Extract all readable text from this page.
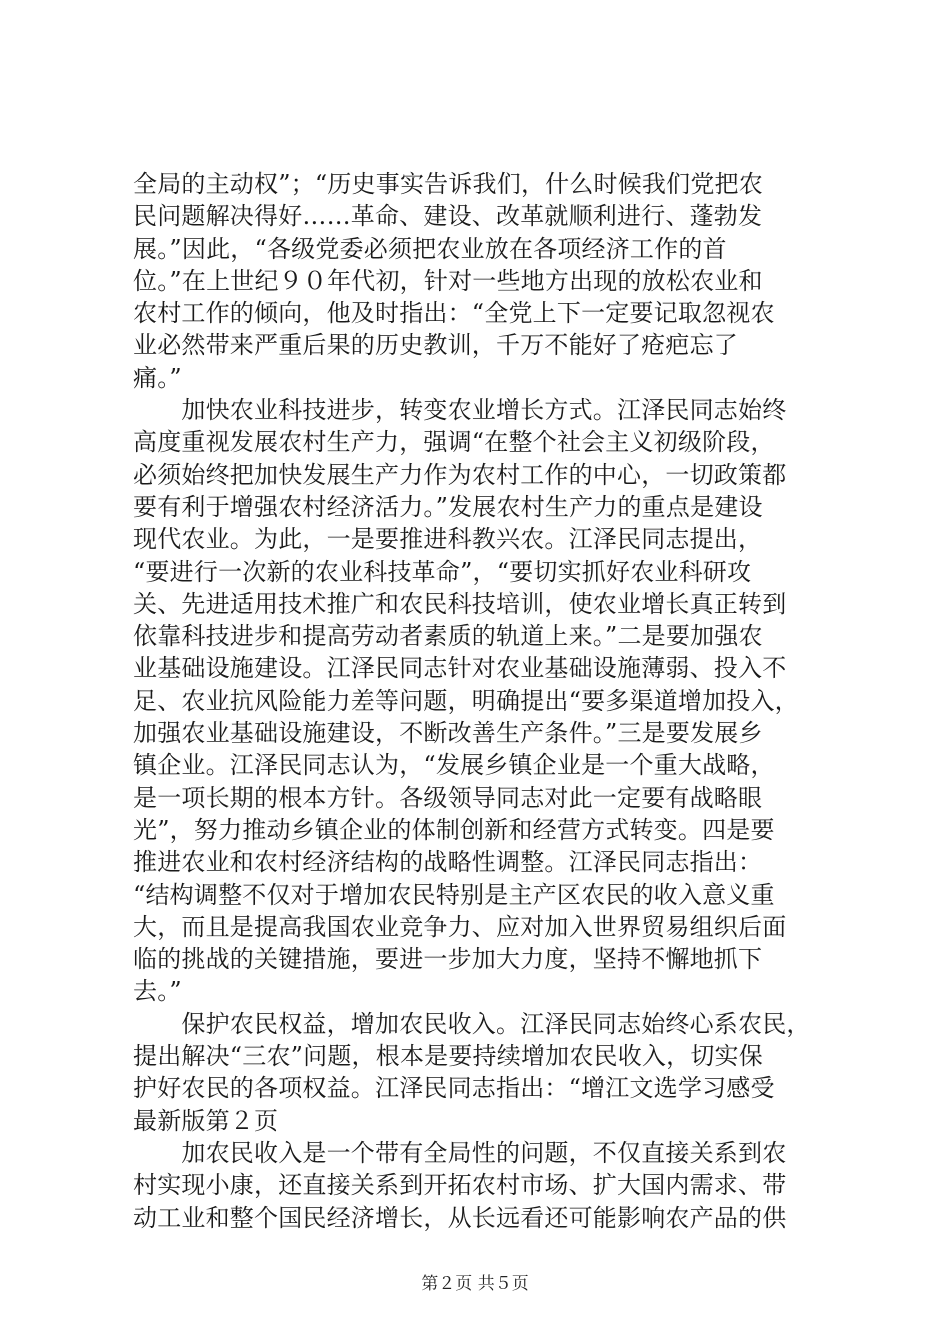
全局的主动权”；“历史事实告诉我们，什么时候我们党把农
民问题解决得好……革命、建设、改革就顺利进行、蓬勃发
展。”因此，“各级党委必须把农业放在各项经济工作的首
位。”在上世纪９０年代初，针对一些地方出现的放松农业和
农村工作的倾向，他及时指出：“全党上下一定要记取忽视农
业必然带来严重后果的历史教训，千万不能好了疮疤忘了
痛。”
　　加快农业科技进步，转变农业增长方式。江泽民同志始终
高度重视发展农村生产力，强调“在整个社会主义初级阶段，
必须始终把加快发展生产力作为农村工作的中心，一切政策都
要有利于增强农村经济活力。”发展农村生产力的重点是建设
现代农业。为此，一是要推进科教兴农。江泽民同志提出，
“要进行一次新的农业科技革命”，“要切实抓好农业科研攻
关、先进适用技术推广和农民科技培训，使农业增长真正转到
依靠科技进步和提高劳动者素质的轨道上来。”二是要加强农
业基础设施建设。江泽民同志针对农业基础设施薄弱、投入不
足、农业抗风险能力差等问题，明确提出“要多渠道增加投入，
加强农业基础设施建设，不断改善生产条件。”三是要发展乡
镇企业。江泽民同志认为，“发展乡镇企业是一个重大战略，
是一项长期的根本方针。各级领导同志对此一定要有战略眼
光”，努力推动乡镇企业的体制创新和经营方式转变。四是要
推进农业和农村经济结构的战略性调整。江泽民同志指出：
“结构调整不仅对于增加农民特别是主产区农民的收入意义重
大，而且是提高我国农业竞争力、应对加入世界贸易组织后面
临的挑战的关键措施，要进一步加大力度，坚持不懈地抓下
去。”
　　保护农民权益，增加农民收入。江泽民同志始终心系农民，
提出解决“三农”问题，根本是要持续增加农民收入，切实保
护好农民的各项权益。江泽民同志指出：“增江文选学习感受
最新版第２页
　　加农民收入是一个带有全局性的问题，不仅直接关系到农
村实现小康，还直接关系到开拓农村市场、扩大国内需求、带
动工业和整个国民经济增长，从长远看还可能影响农产品的供
第２页 共５页
